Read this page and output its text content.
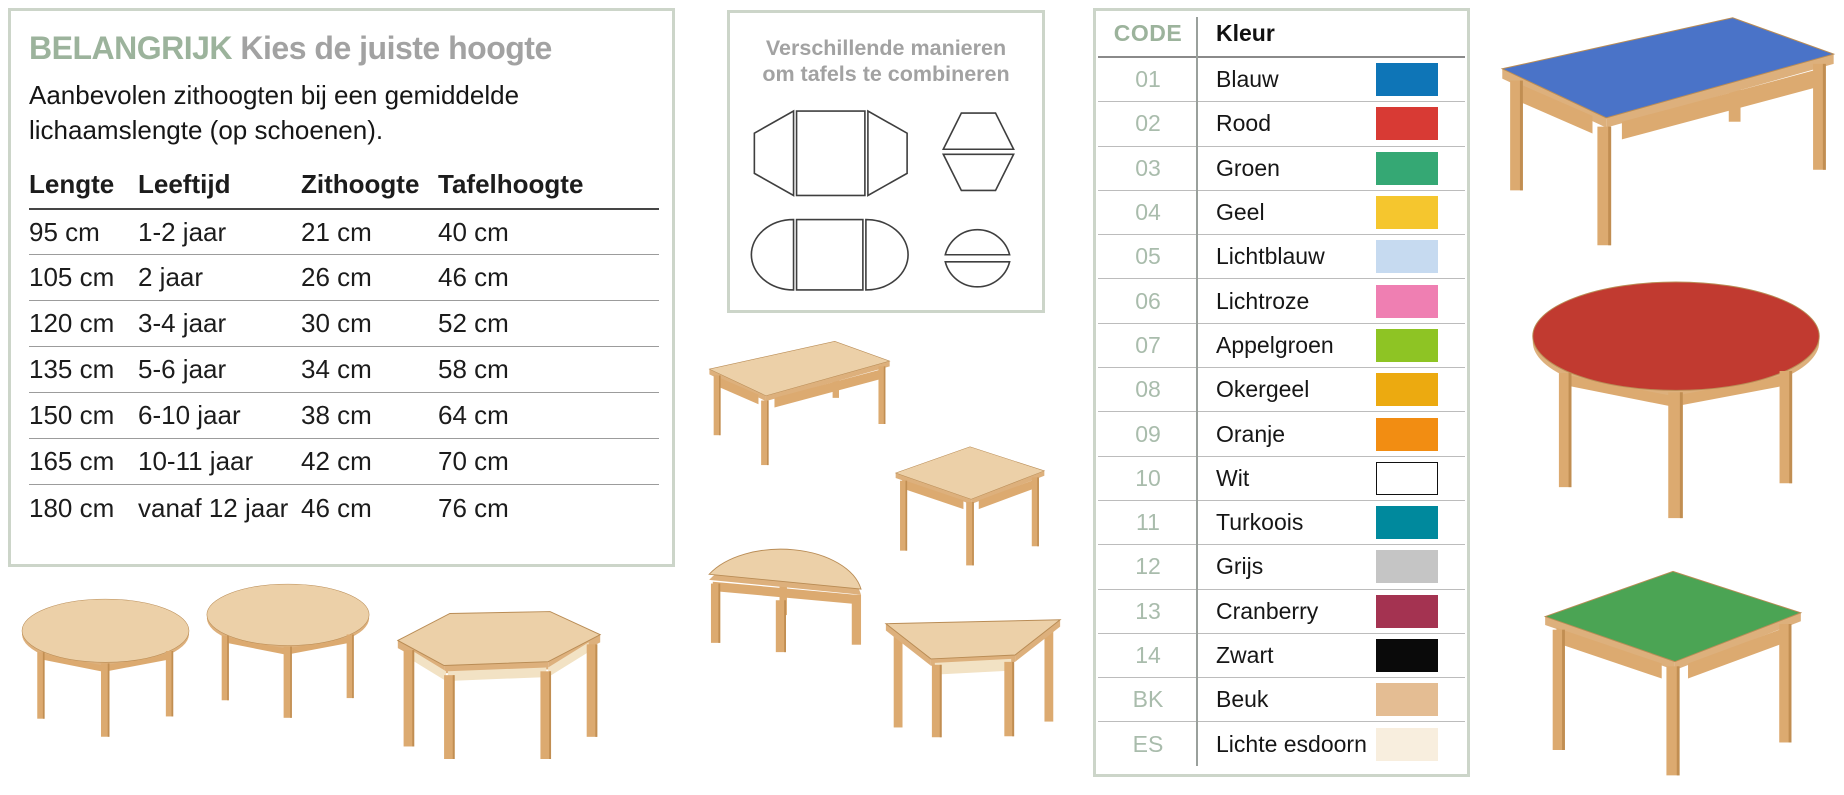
BELANGRIJK Kies de juiste hoogte

Aanbevolen zithoogten bij een gemiddelde lichaamslengte (op schoenen).

Lengte	Leeftijd	Zithoogte	Tafelhoogte
95 cm	1-2 jaar	21 cm	40 cm
105 cm	2 jaar	26 cm	46 cm
120 cm	3-4 jaar	30 cm	52 cm
135 cm	5-6 jaar	34 cm	58 cm
150 cm	6-10 jaar	38 cm	64 cm
165 cm	10-11 jaar	42 cm	70 cm
180 cm	vanaf 12 jaar	46 cm	76 cm
Verschillende manieren om tafels te combineren
CODE	Kleur
01	Blauw
02	Rood
03	Groen
04	Geel
05	Lichtblauw
06	Lichtroze
07	Appelgroen
08	Okergeel
09	Oranje
10	Wit
11	Turkoois
12	Grijs
13	Cranberry
14	Zwart
BK	Beuk
ES	Lichte esdoorn
